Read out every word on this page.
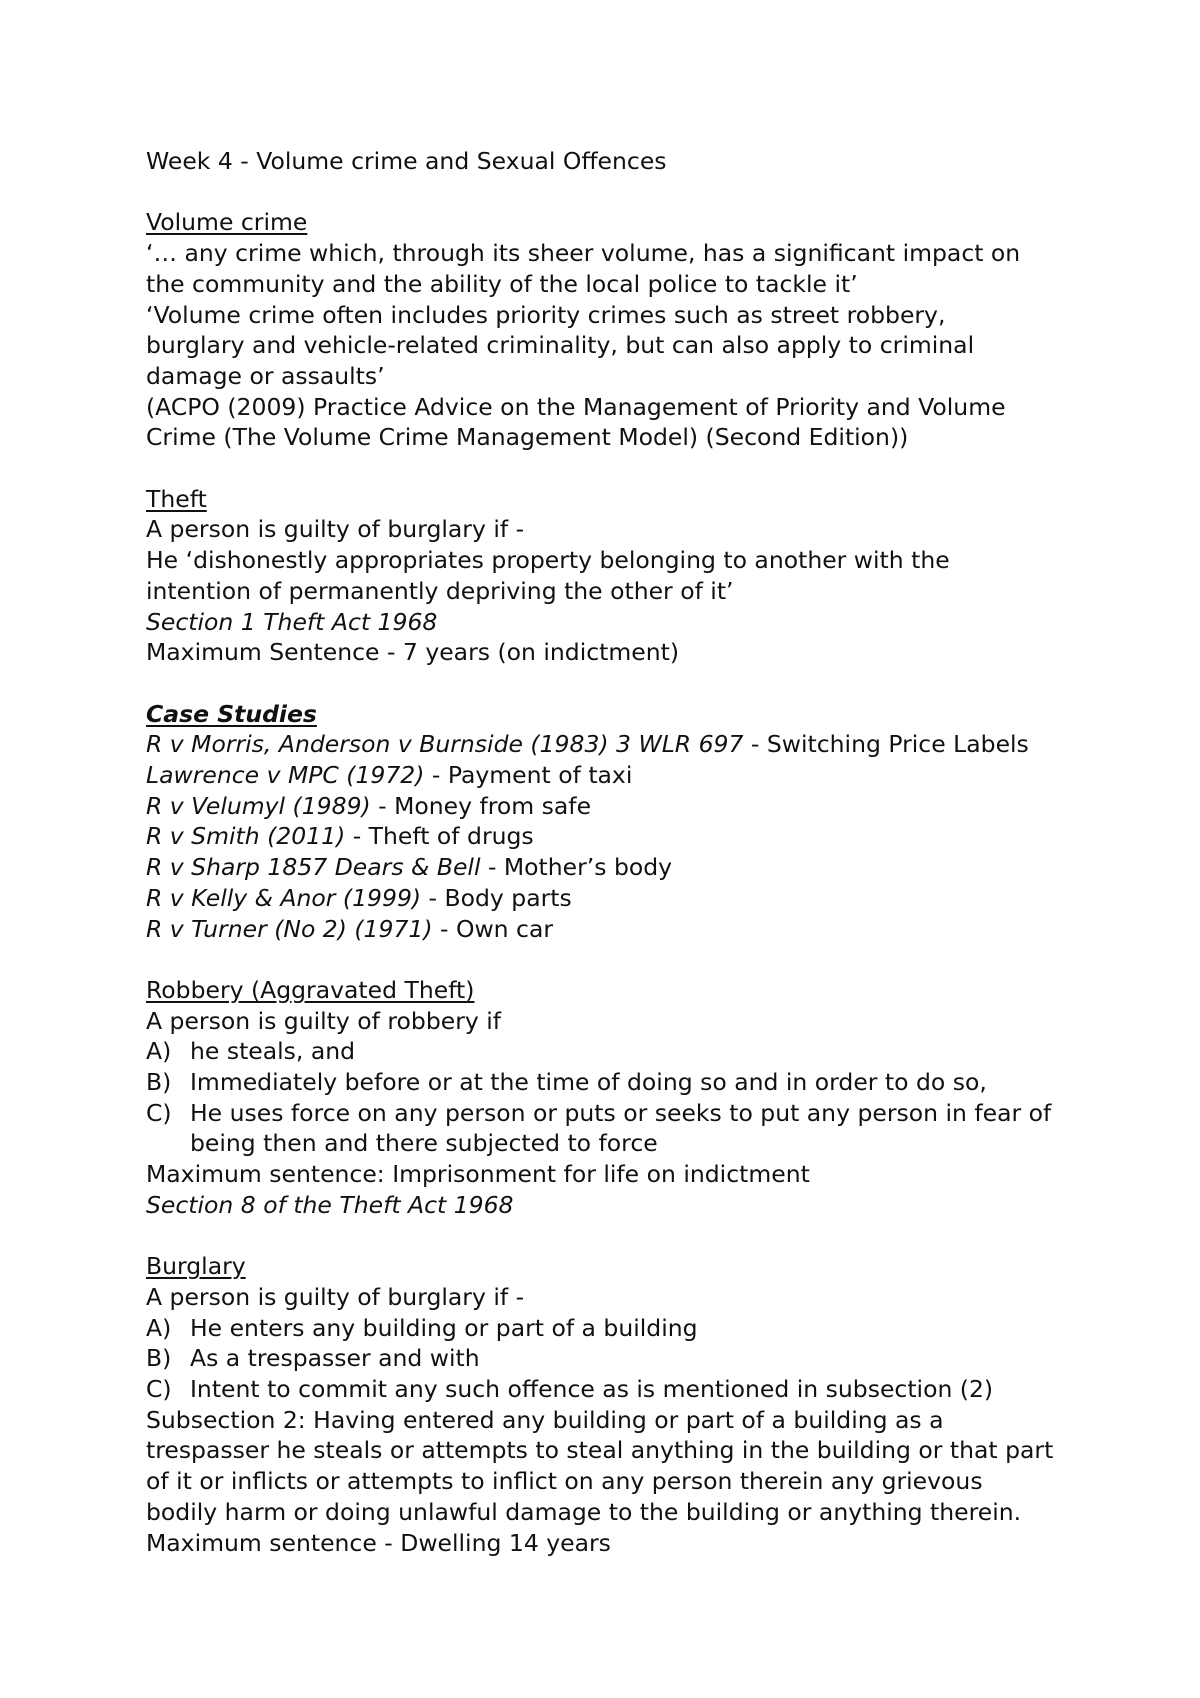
Week 4 - Volume crime and Sexual Offences
Volume crime
‘… any crime which, through its sheer volume, has a significant impact on
the community and the ability of the local police to tackle it’
‘Volume crime often includes priority crimes such as street robbery,
burglary and vehicle-related criminality, but can also apply to criminal
damage or assaults’
(ACPO (2009) Practice Advice on the Management of Priority and Volume
Crime (The Volume Crime Management Model) (Second Edition))
Theft
A person is guilty of burglary if -
He ‘dishonestly appropriates property belonging to another with the
intention of permanently depriving the other of it’
Section 1 Theft Act 1968
Maximum Sentence - 7 years (on indictment)
Case Studies
R v Morris, Anderson v Burnside (1983) 3 WLR 697 - Switching Price Labels
Lawrence v MPC (1972) - Payment of taxi
R v Velumyl (1989) - Money from safe
R v Smith (2011) - Theft of drugs
R v Sharp 1857 Dears & Bell - Mother’s body
R v Kelly & Anor (1999) - Body parts
R v Turner (No 2) (1971) - Own car
Robbery (Aggravated Theft)
A person is guilty of robbery if
A) he steals, and
B) Immediately before or at the time of doing so and in order to do so,
C) He uses force on any person or puts or seeks to put any person in fear of
being then and there subjected to force
Maximum sentence: Imprisonment for life on indictment
Section 8 of the Theft Act 1968
Burglary
A person is guilty of burglary if -
A) He enters any building or part of a building
B) As a trespasser and with
C) Intent to commit any such offence as is mentioned in subsection (2)
Subsection 2: Having entered any building or part of a building as a
trespasser he steals or attempts to steal anything in the building or that part
of it or inflicts or attempts to inflict on any person therein any grievous
bodily harm or doing unlawful damage to the building or anything therein.
Maximum sentence - Dwelling 14 years
